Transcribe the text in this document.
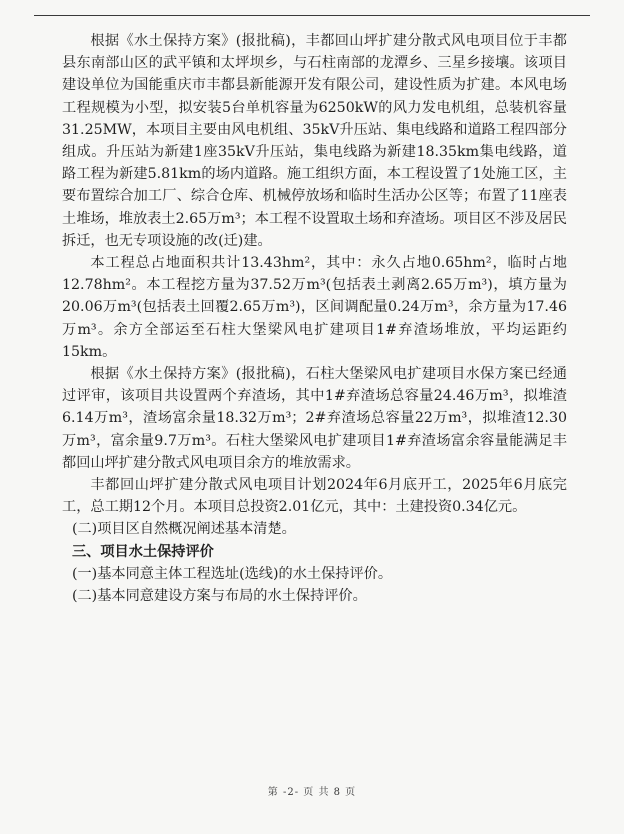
根据《水土保持方案》(报批稿)，丰都回山坪扩建分散式风电项目位于丰都县东南部山区的武平镇和太坪坝乡，与石柱南部的龙潭乡、三星乡接壤。该项目建设单位为国能重庆市丰都县新能源开发有限公司，建设性质为扩建。本风电场工程规模为小型，拟安装5台单机容量为6250kW的风力发电机组，总装机容量31.25MW，本项目主要由风电机组、35kV升压站、集电线路和道路工程四部分组成。升压站为新建1座35kV升压站，集电线路为新建18.35km集电线路，道路工程为新建5.81km的场内道路。施工组织方面，本工程设置了1处施工区，主要布置综合加工厂、综合仓库、机械停放场和临时生活办公区等；布置了11座表土堆场，堆放表土2.65万m³；本工程不设置取土场和弃渣场。项目区不涉及居民拆迁，也无专项设施的改(迁)建。

本工程总占地面积共计13.43hm²，其中：永久占地0.65hm²，临时占地12.78hm²。本工程挖方量为37.52万m³(包括表土剥离2.65万m³)，填方量为20.06万m³(包括表土回覆2.65万m³)，区间调配量0.24万m³，余方量为17.46万m³。余方全部运至石柱大堡梁风电扩建项目1#弃渣场堆放，平均运距约15km。

根据《水土保持方案》(报批稿)，石柱大堡梁风电扩建项目水保方案已经通过评审，该项目共设置两个弃渣场，其中1#弃渣场总容量24.46万m³，拟堆渣6.14万m³，渣场富余量18.32万m³；2#弃渣场总容量22万m³，拟堆渣12.30万m³，富余量9.7万m³。石柱大堡梁风电扩建项目1#弃渣场富余容量能满足丰都回山坪扩建分散式风电项目余方的堆放需求。

丰都回山坪扩建分散式风电项目计划2024年6月底开工，2025年6月底完工，总工期12个月。本项目总投资2.01亿元，其中：土建投资0.34亿元。

(二)项目区自然概况阐述基本清楚。

三、项目水土保持评价

(一)基本同意主体工程选址(选线)的水土保持评价。

(二)基本同意建设方案与布局的水土保持评价。

第 -2- 页 共 8 页
